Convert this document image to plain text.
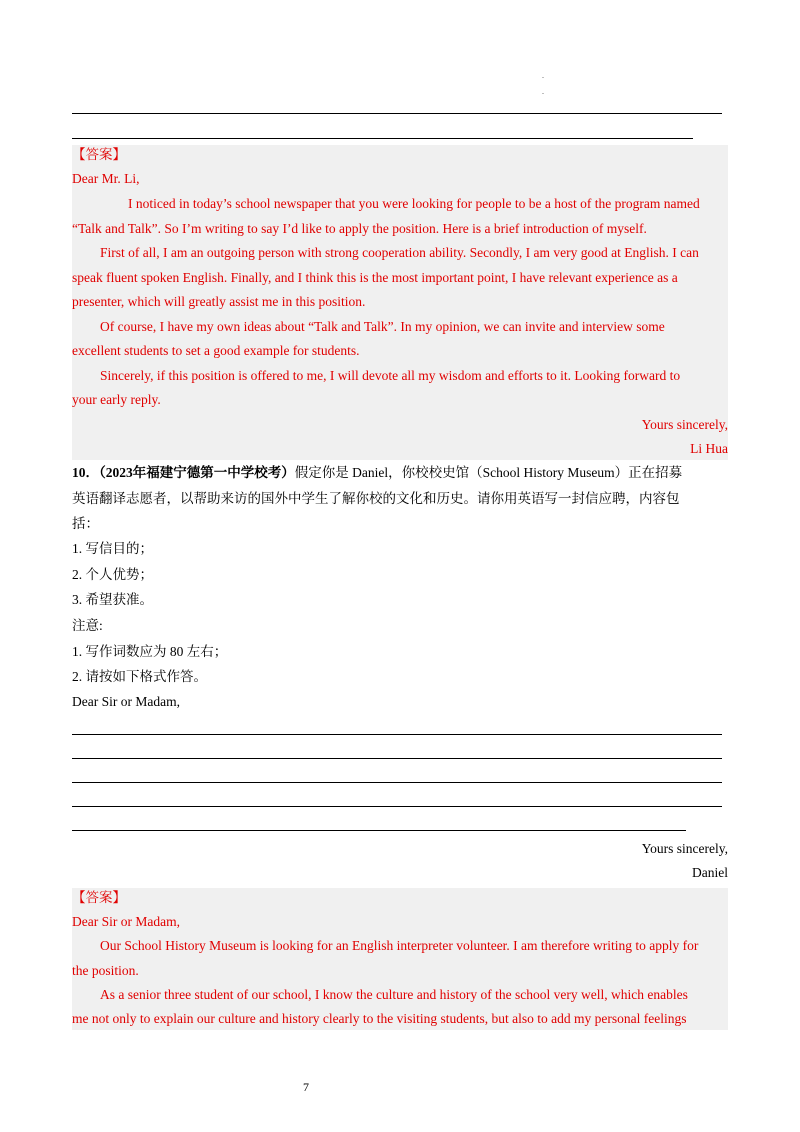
.
.
【答案】
Dear Mr. Li,
I noticed in today’s school newspaper that you were looking for people to be a host of the program named
“Talk and Talk”. So I’m writing to say I’d like to apply the position. Here is a brief introduction of myself.
First of all, I am an outgoing person with strong cooperation ability. Secondly, I am very good at English. I can
speak fluent spoken English. Finally, and I think this is the most important point, I have relevant experience as a
presenter, which will greatly assist me in this position.
Of course, I have my own ideas about “Talk and Talk”. In my opinion, we can invite and interview some
excellent students to set a good example for students.
Sincerely, if this position is offered to me, I will devote all my wisdom and efforts to it. Looking forward to
your early reply.
Yours sincerely,
Li Hua
10．（2023年福建宁德第一中学校考）假定你是 Daniel，你校校史馆（School History Museum）正在招募
英语翻译志愿者，以帮助来访的国外中学生了解你校的文化和历史。请你用英语写一封信应聘，内容包
括：
1. 写信目的；
2. 个人优势；
3. 希望获准。
注意:
1. 写作词数应为 80 左右；
2. 请按如下格式作答。
Dear Sir or Madam,
Yours sincerely,
Daniel
【答案】
Dear Sir or Madam,
Our School History Museum is looking for an English interpreter volunteer. I am therefore writing to apply for
the position.
As a senior three student of our school, I know the culture and history of the school very well, which enables
me not only to explain our culture and history clearly to the visiting students, but also to add my personal feelings
7
